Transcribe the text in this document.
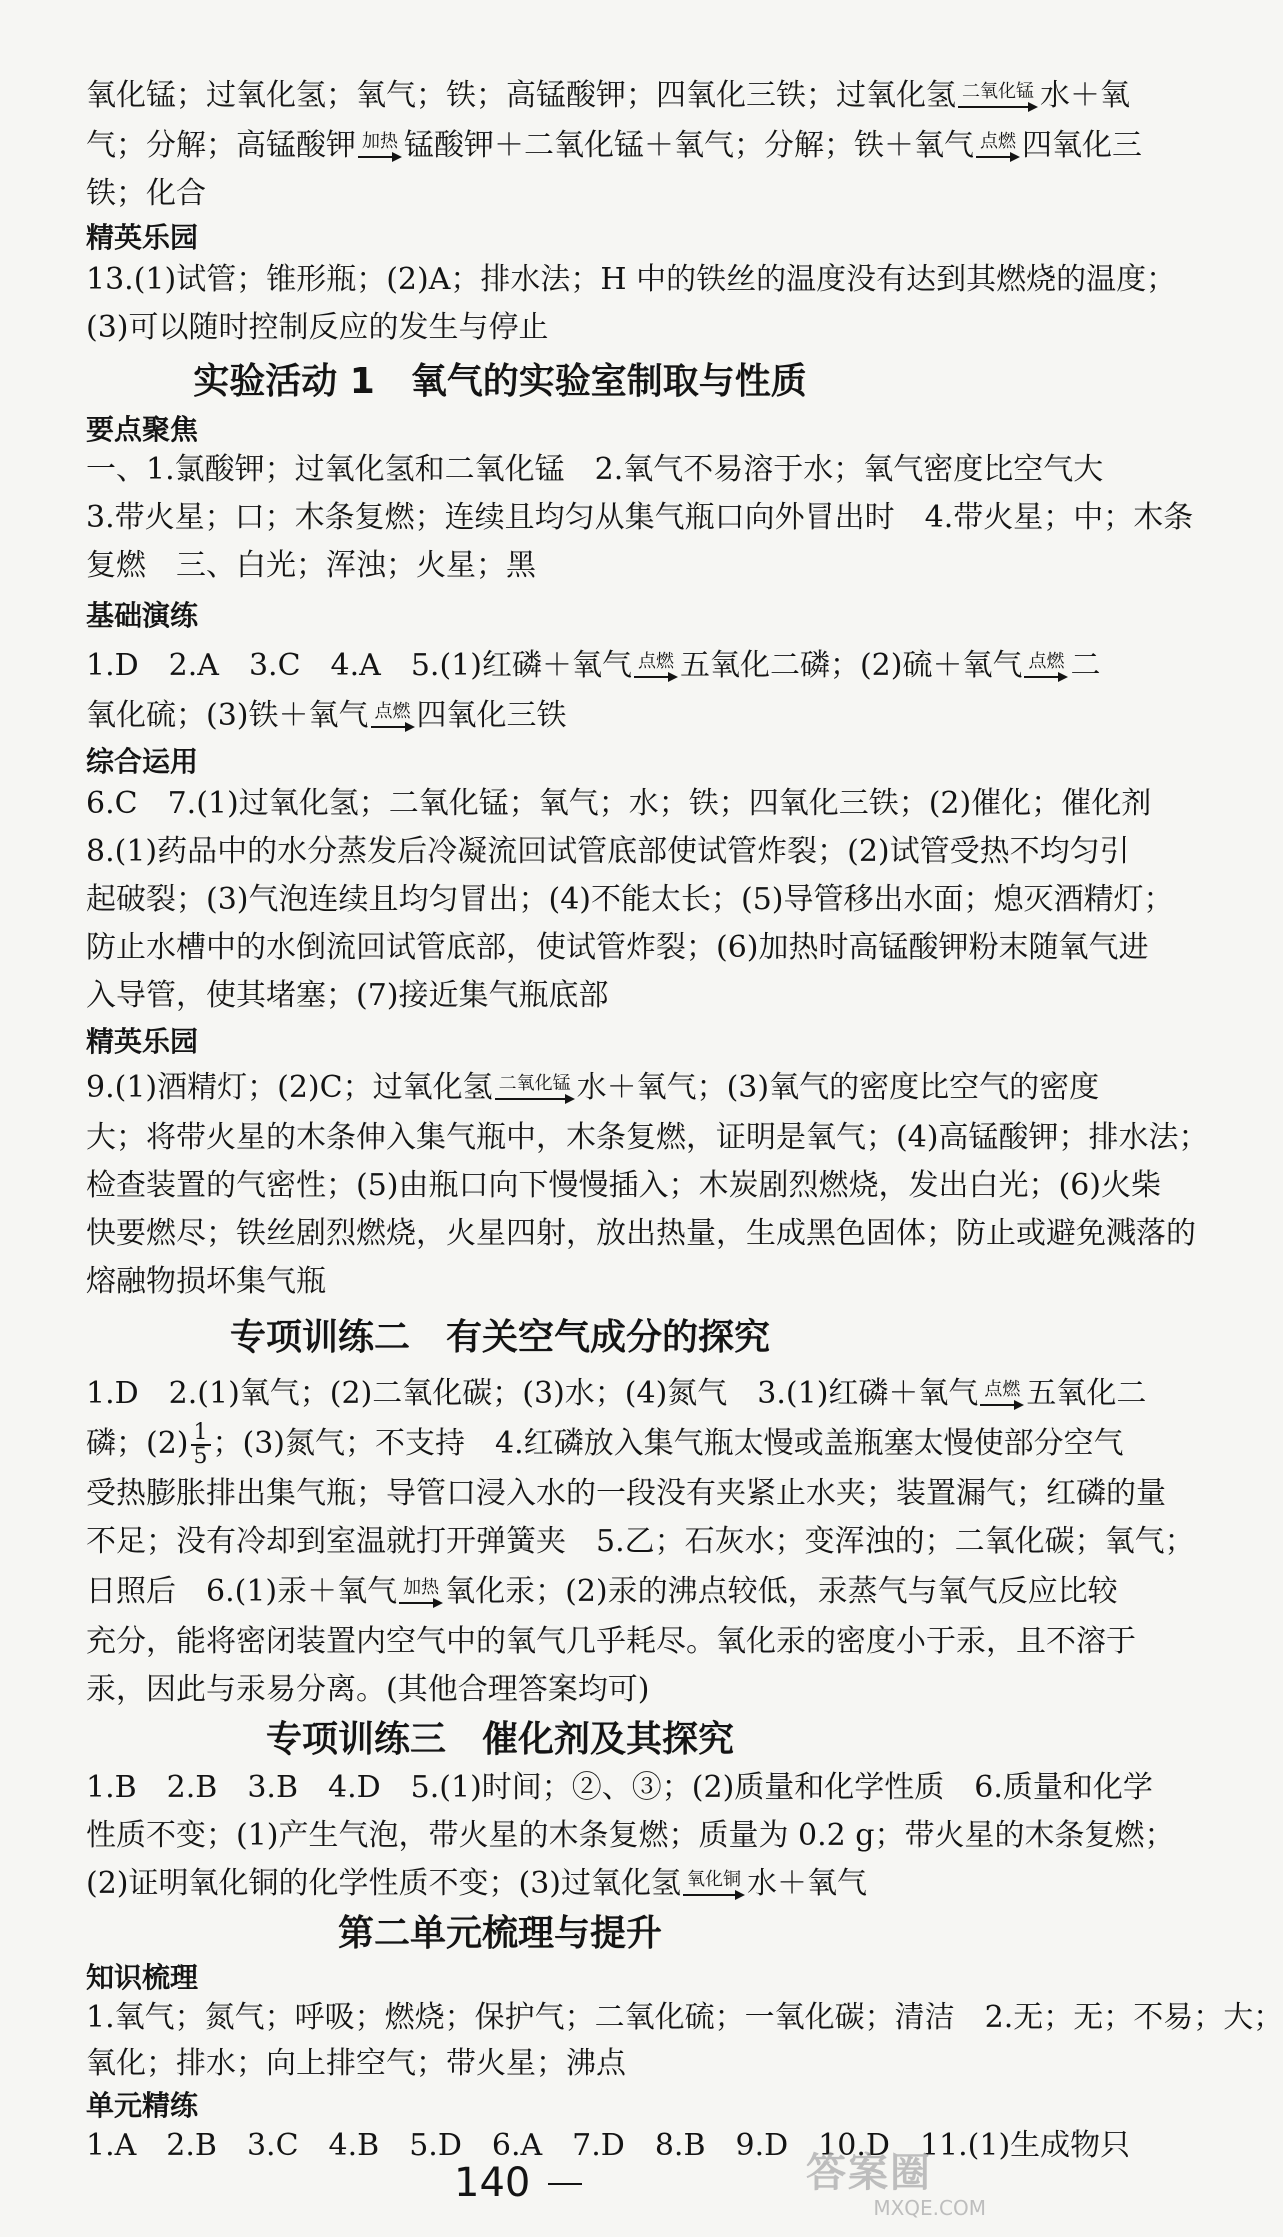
氧化锰；过氧化氢；氧气；铁；高锰酸钾；四氧化三铁；过氧化氢 二氧化锰 水＋氧
气；分解；高锰酸钾 加热 锰酸钾＋二氧化锰＋氧气；分解；铁＋氧气 点燃 四氧化三
铁；化合
精英乐园
13.(1)试管；锥形瓶；(2)A；排水法；H 中的铁丝的温度没有达到其燃烧的温度；
(3)可以随时控制反应的发生与停止
实验活动 1　氧气的实验室制取与性质
要点聚焦
一、1.氯酸钾；过氧化氢和二氧化锰　2.氧气不易溶于水；氧气密度比空气大
3.带火星；口；木条复燃；连续且均匀从集气瓶口向外冒出时　4.带火星；中；木条
复燃　三、白光；浑浊；火星；黑
基础演练
1.D　2.A　3.C　4.A　5.(1)红磷＋氧气 点燃 五氧化二磷；(2)硫＋氧气 点燃 二
氧化硫；(3)铁＋氧气 点燃 四氧化三铁
综合运用
6.C　7.(1)过氧化氢；二氧化锰；氧气；水；铁；四氧化三铁；(2)催化；催化剂
8.(1)药品中的水分蒸发后冷凝流回试管底部使试管炸裂；(2)试管受热不均匀引
起破裂；(3)气泡连续且均匀冒出；(4)不能太长；(5)导管移出水面；熄灭酒精灯；
防止水槽中的水倒流回试管底部，使试管炸裂；(6)加热时高锰酸钾粉末随氧气进
入导管，使其堵塞；(7)接近集气瓶底部
精英乐园
9.(1)酒精灯；(2)C；过氧化氢 二氧化锰 水＋氧气；(3)氧气的密度比空气的密度
大；将带火星的木条伸入集气瓶中，木条复燃，证明是氧气；(4)高锰酸钾；排水法；
检查装置的气密性；(5)由瓶口向下慢慢插入；木炭剧烈燃烧，发出白光；(6)火柴
快要燃尽；铁丝剧烈燃烧，火星四射，放出热量，生成黑色固体；防止或避免溅落的
熔融物损坏集气瓶
专项训练二　有关空气成分的探究
1.D　2.(1)氧气；(2)二氧化碳；(3)水；(4)氮气　3.(1)红磷＋氧气 点燃 五氧化二
磷；$(2) \frac{1}{5}$ ；(3)氮气；不支持　4.红磷放入集气瓶太慢或盖瓶塞太慢使部分空气
受热膨胀排出集气瓶；导管口浸入水的一段没有夹紧止水夹；装置漏气；红磷的量
不足；没有冷却到室温就打开弹簧夹　5.乙；石灰水；变浑浊的；二氧化碳；氧气；
日照后　6.(1)汞＋氧气 加热 氧化汞；(2)汞的沸点较低，汞蒸气与氧气反应比较
充分，能将密闭装置内空气中的氧气几乎耗尽。氧化汞的密度小于汞，且不溶于
汞，因此与汞易分离。(其他合理答案均可)
专项训练三　催化剂及其探究
1.B　2.B　3.B　4.D　5.(1)时间；②、③；(2)质量和化学性质　6.质量和化学
性质不变；(1)产生气泡，带火星的木条复燃；质量为 0.2 g；带火星的木条复燃；
(2)证明氧化铜的化学性质不变；(3)过氧化氢 氧化铜 水＋氧气
第二单元梳理与提升
知识梳理
1.氧气；氮气；呼吸；燃烧；保护气；二氧化硫；一氧化碳；清洁　2.无；无；不易；大；
氧化；排水；向上排空气；带火星；沸点
单元精练
1.A　2.B　3.C　4.B　5.D　6.A　7.D　8.B　9.D　10.D　11.(1)生成物只
140	答案圈
MXQE.COM
